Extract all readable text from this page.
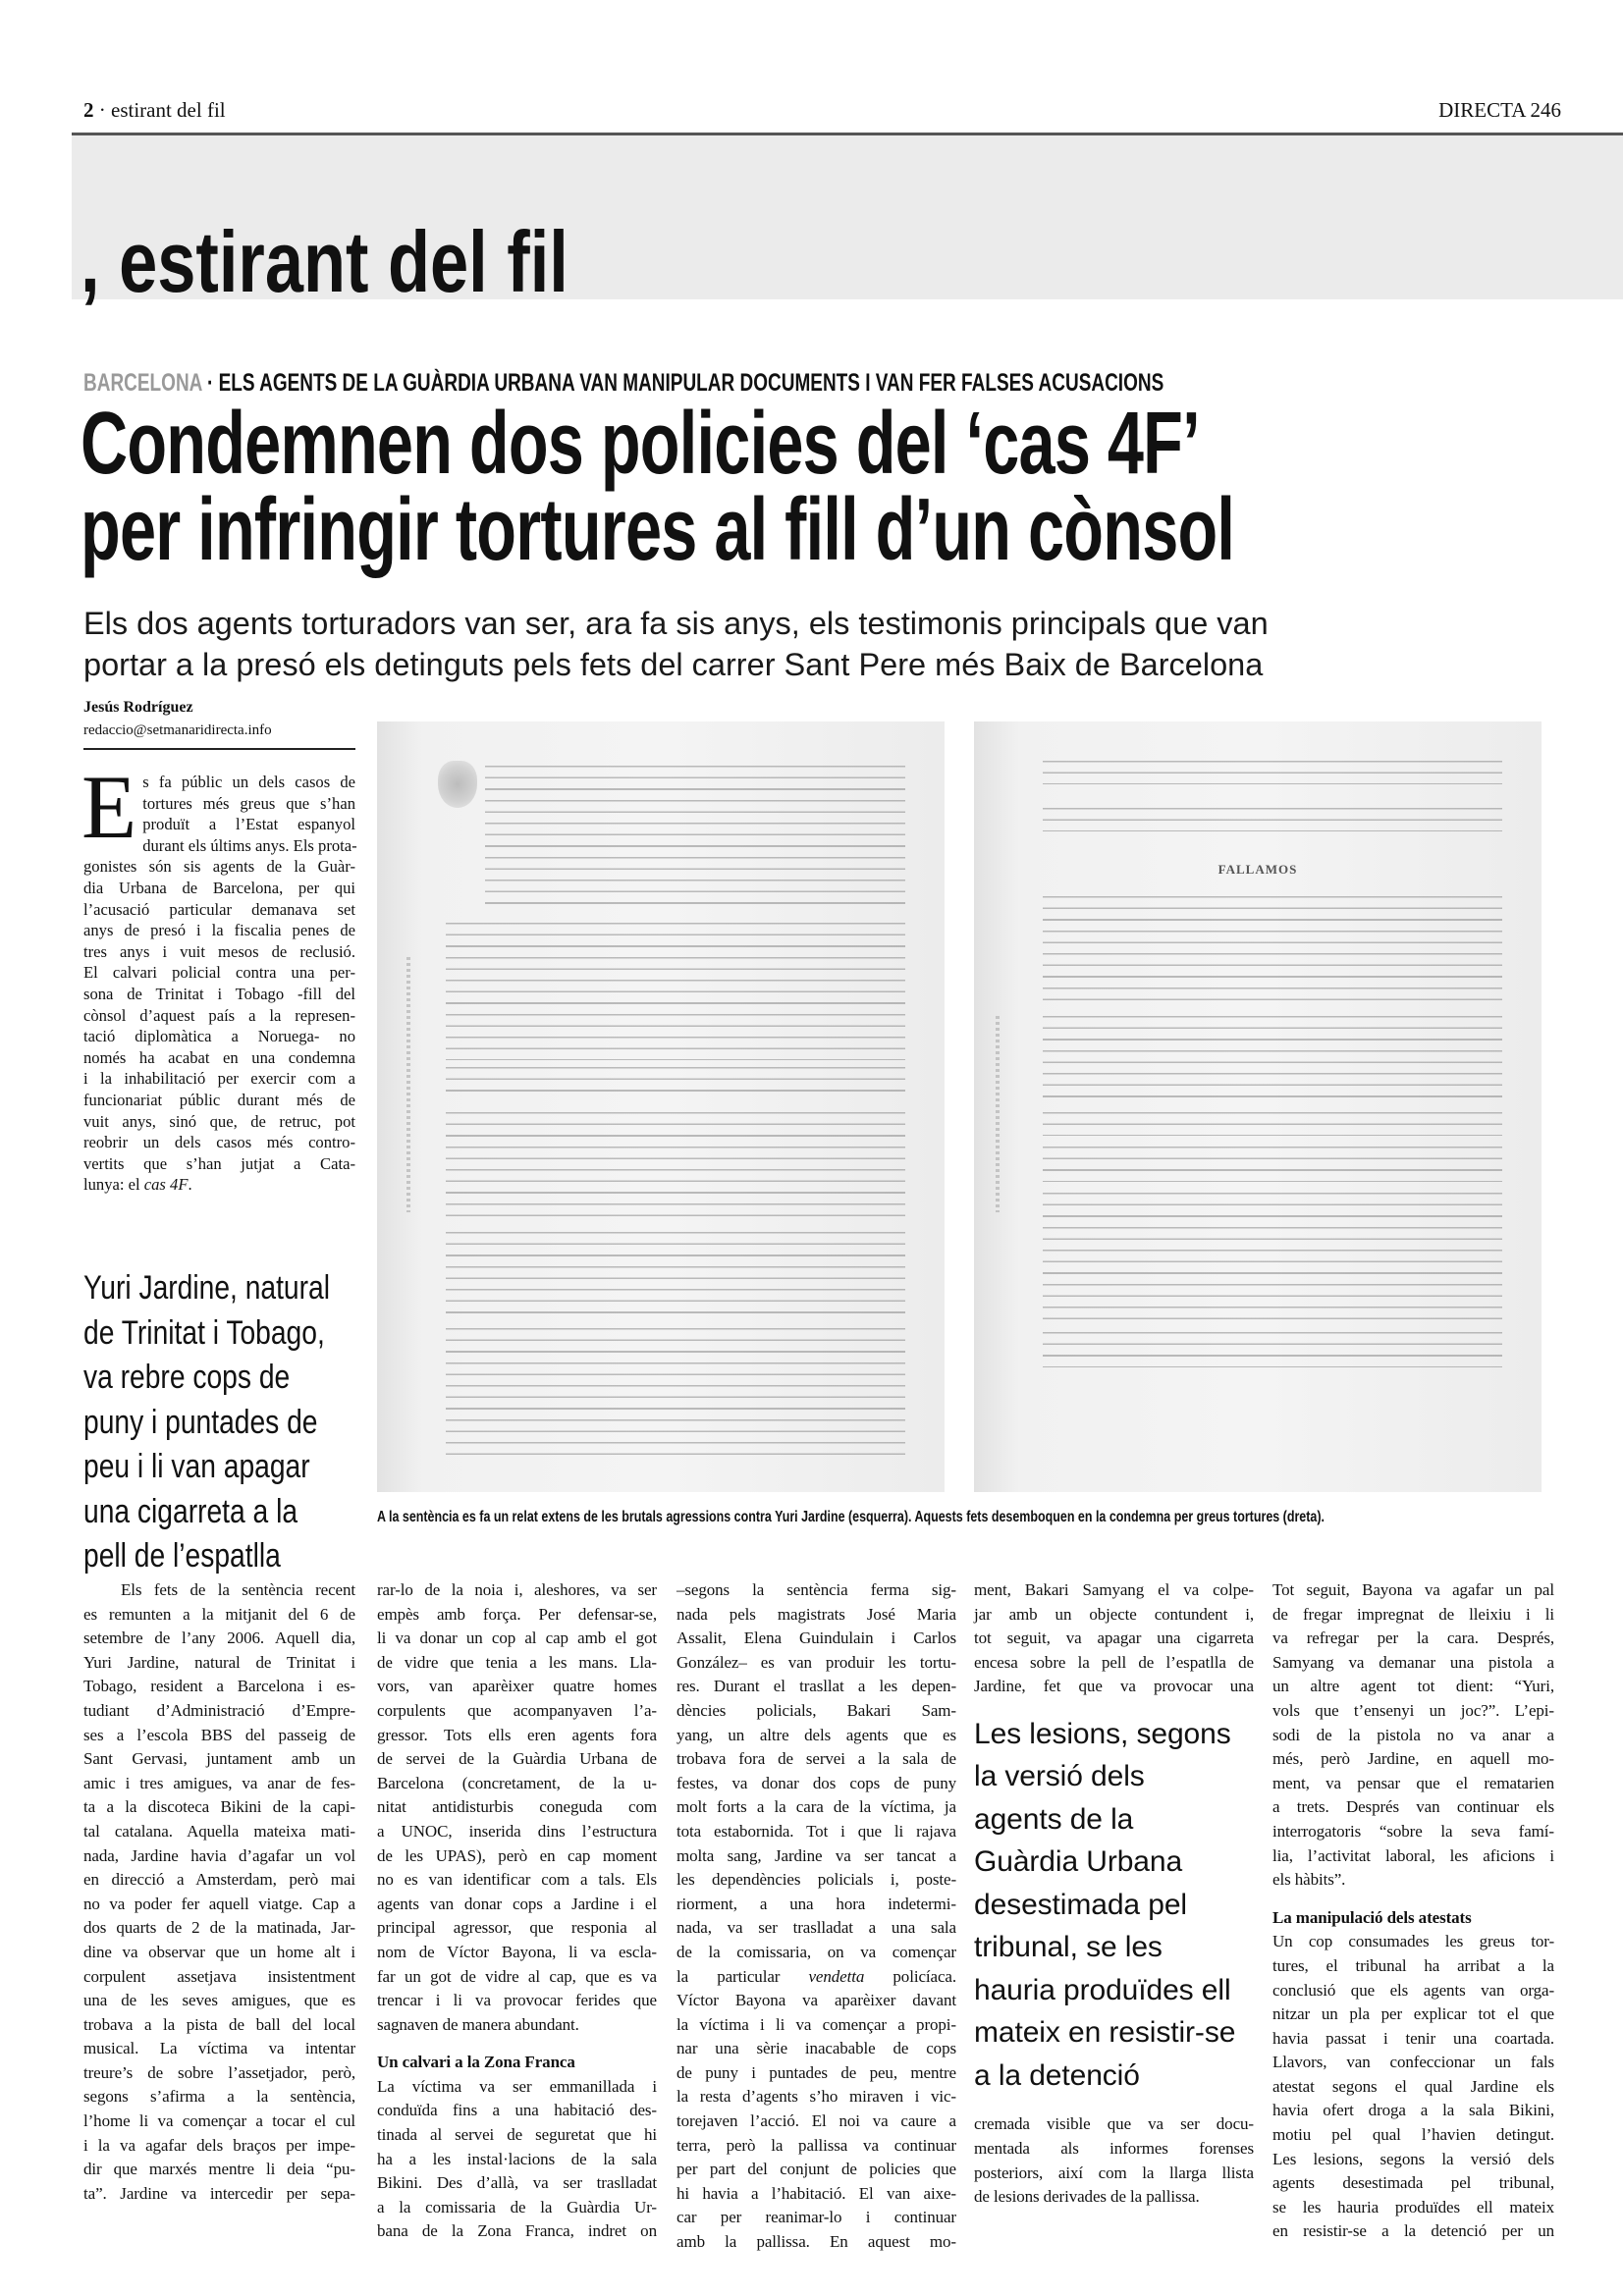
2 · estirant del fil	DIRECTA 246
, estirant del fil
BARCELONA · ELS AGENTS DE LA GUÀRDIA URBANA VAN MANIPULAR DOCUMENTS I VAN FER FALSES ACUSACIONS
Condemnen dos policies del ‘cas 4F’
per infringir tortures al fill d’un cònsol
Els dos agents torturadors van ser, ara fa sis anys, els testimonis principals que van
portar a la presó els detinguts pels fets del carrer Sant Pere més Baix de Barcelona
Jesús Rodríguez
redaccio@setmanaridirecta.info
E s fa públic un dels casos de
tortures més greus que s’han
produït a l’Estat espanyol
durant els últims anys. Els prota-
gonistes són sis agents de la Guàr-
dia Urbana de Barcelona, per qui
l’acusació particular demanava set
anys de presó i la fiscalia penes de
tres anys i vuit mesos de reclusió.
El calvari policial contra una per-
sona de Trinitat i Tobago -fill del
cònsol d’aquest país a la represen-
tació diplomàtica a Noruega- no
només ha acabat en una condemna
i la inhabilitació per exercir com a
funcionariat públic durant més de
vuit anys, sinó que, de retruc, pot
reobrir un dels casos més contro-
vertits que s’han jutjat a Cata-
lunya: el cas 4F.
Yuri Jardine, natural
de Trinitat i Tobago,
va rebre cops de
puny i puntades de
peu i li van apagar
una cigarreta a la
pell de l’espatlla
FALLAMOS
A la sentència es fa un relat extens de les brutals agressions contra Yuri Jardine (esquerra). Aquests fets desemboquen en la condemna per greus tortures (dreta).
Els fets de la sentència recent
es remunten a la mitjanit del 6 de
setembre de l’any 2006. Aquell dia,
Yuri Jardine, natural de Trinitat i
Tobago, resident a Barcelona i es-
tudiant d’Administració d’Empre-
ses a l’escola BBS del passeig de
Sant Gervasi, juntament amb un
amic i tres amigues, va anar de fes-
ta a la discoteca Bikini de la capi-
tal catalana. Aquella mateixa mati-
nada, Jardine havia d’agafar un vol
en direcció a Amsterdam, però mai
no va poder fer aquell viatge. Cap a
dos quarts de 2 de la matinada, Jar-
dine va observar que un home alt i
corpulent assetjava insistentment
una de les seves amigues, que es
trobava a la pista de ball del local
musical. La víctima va intentar
treure’s de sobre l’assetjador, però,
segons s’afirma a la sentència,
l’home li va començar a tocar el cul
i la va agafar dels braços per impe-
dir que marxés mentre li deia “pu-
ta”. Jardine va intercedir per sepa-
rar-lo de la noia i, aleshores, va ser
empès amb força. Per defensar-se,
li va donar un cop al cap amb el got
de vidre que tenia a les mans. Lla-
vors, van aparèixer quatre homes
corpulents que acompanyaven l’a-
gressor. Tots ells eren agents fora
de servei de la Guàrdia Urbana de
Barcelona (concretament, de la u-
nitat antidisturbis coneguda com
a UNOC, inserida dins l’estructura
de les UPAS), però en cap moment
no es van identificar com a tals. Els
agents van donar cops a Jardine i el
principal agressor, que responia al
nom de Víctor Bayona, li va escla-
far un got de vidre al cap, que es va
trencar i li va provocar ferides que
sagnaven de manera abundant.
Un calvari a la Zona Franca
La víctima va ser emmanillada i
conduïda fins a una habitació des-
tinada al servei de seguretat que hi
ha a les instal·lacions de la sala
Bikini. Des d’allà, va ser traslladat
a la comissaria de la Guàrdia Ur-
bana de la Zona Franca, indret on
–segons la sentència ferma sig-
nada pels magistrats José Maria
Assalit, Elena Guindulain i Carlos
González– es van produir les tortu-
res. Durant el trasllat a les depen-
dències policials, Bakari Sam-
yang, un altre dels agents que es
trobava fora de servei a la sala de
festes, va donar dos cops de puny
molt forts a la cara de la víctima, ja
tota estabornida. Tot i que li rajava
molta sang, Jardine va ser tancat a
les dependències policials i, poste-
riorment, a una hora indetermi-
nada, va ser traslladat a una sala
de la comissaria, on va començar
la particular vendetta policíaca.
Víctor Bayona va aparèixer davant
la víctima i li va començar a propi-
nar una sèrie inacabable de cops
de puny i puntades de peu, mentre
la resta d’agents s’ho miraven i vic-
torejaven l’acció. El noi va caure a
terra, però la pallissa va continuar
per part del conjunt de policies que
hi havia a l’habitació. El van aixe-
car per reanimar-lo i continuar
amb la pallissa. En aquest mo-
ment, Bakari Samyang el va colpe-
jar amb un objecte contundent i,
tot seguit, va apagar una cigarreta
encesa sobre la pell de l’espatlla de
Jardine, fet que va provocar una
Les lesions, segons
la versió dels
agents de la
Guàrdia Urbana
desestimada pel
tribunal, se les
hauria produïdes ell
mateix en resistir-se
a la detenció
cremada visible que va ser docu-
mentada als informes forenses
posteriors, així com la llarga llista
de lesions derivades de la pallissa.
Tot seguit, Bayona va agafar un pal
de fregar impregnat de lleixiu i li
va refregar per la cara. Després,
Samyang va demanar una pistola a
un altre agent tot dient: “Yuri,
vols que t’ensenyi un joc?”. L’epi-
sodi de la pistola no va anar a
més, però Jardine, en aquell mo-
ment, va pensar que el rematarien
a trets. Després van continuar els
interrogatoris “sobre la seva famí-
lia, l’activitat laboral, les aficions i
els hàbits”.
La manipulació dels atestats
Un cop consumades les greus tor-
tures, el tribunal ha arribat a la
conclusió que els agents van orga-
nitzar un pla per explicar tot el que
havia passat i tenir una coartada.
Llavors, van confeccionar un fals
atestat segons el qual Jardine els
havia ofert droga a la sala Bikini,
motiu pel qual l’havien detingut.
Les lesions, segons la versió dels
agents desestimada pel tribunal,
se les hauria produïdes ell mateix
en resistir-se a la detenció per un
